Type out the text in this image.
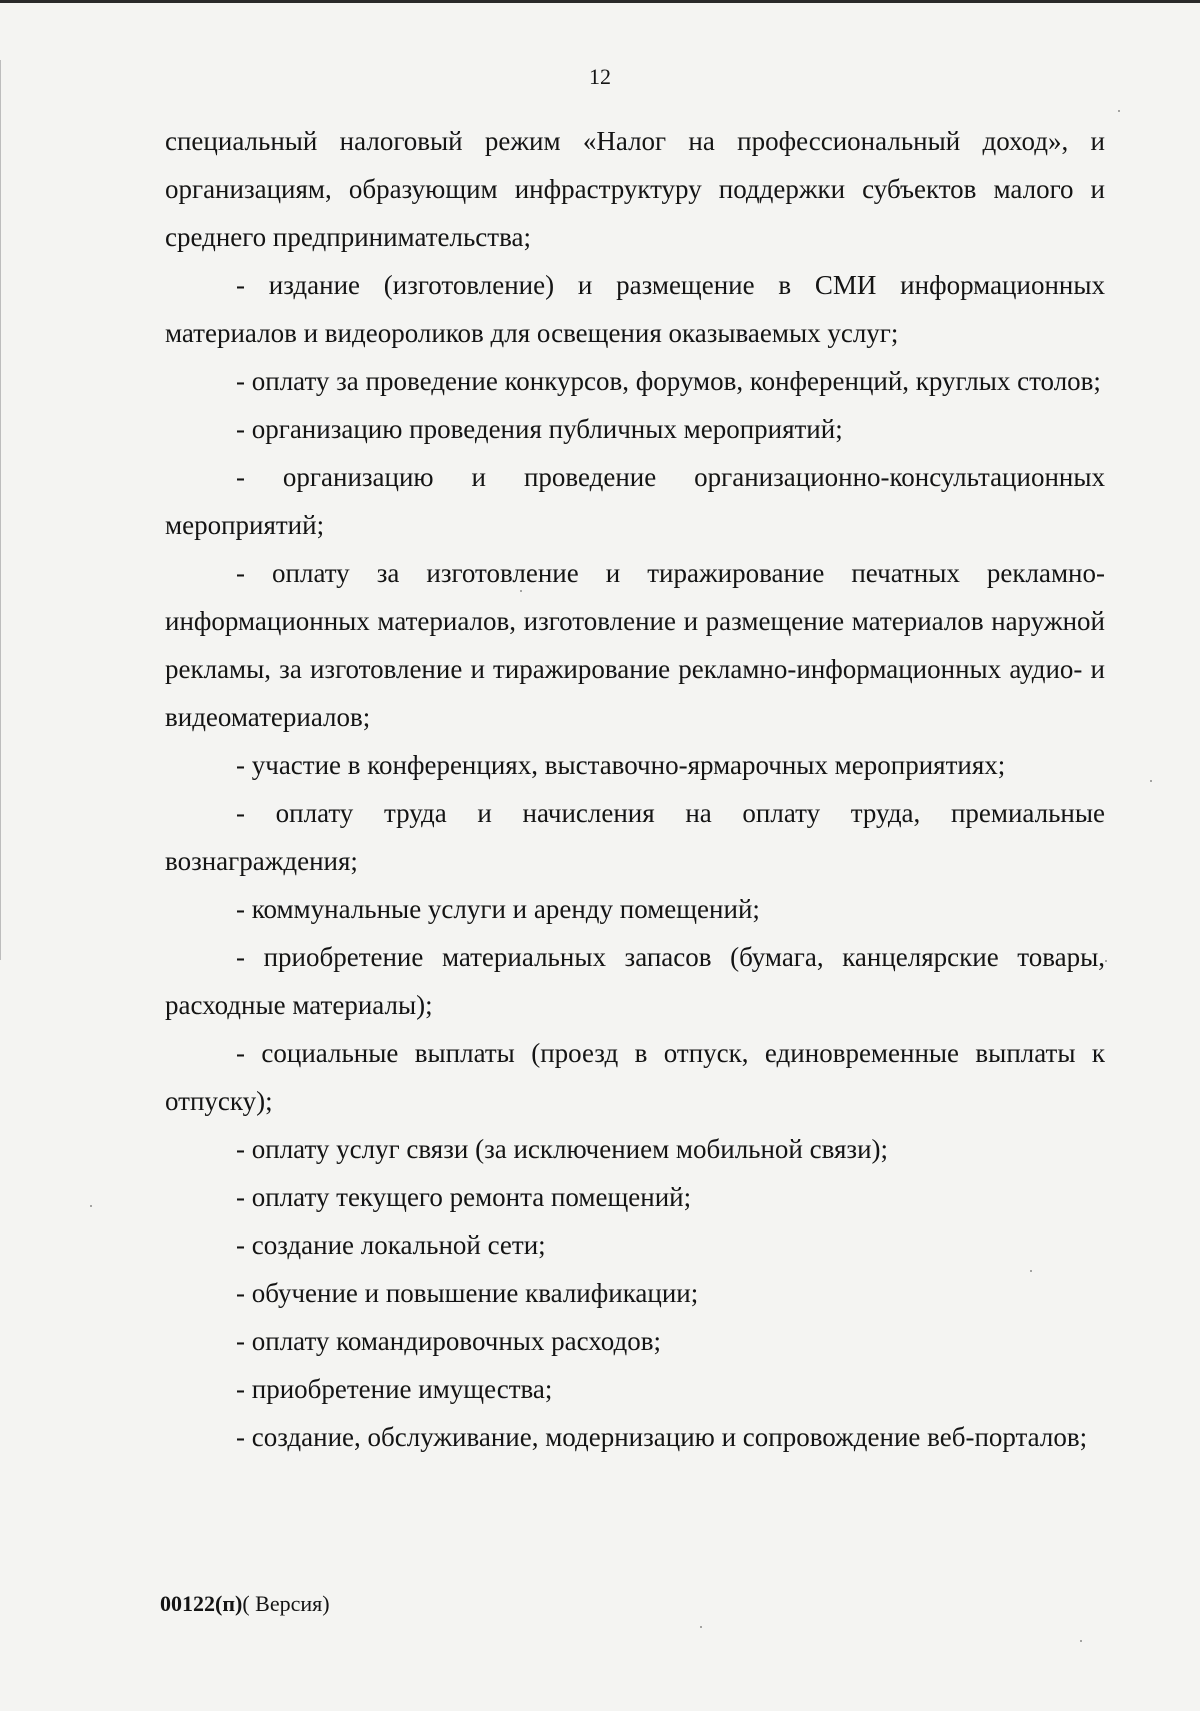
12

специальный налоговый режим «Налог на профессиональный доход», и организациям, образующим инфраструктуру поддержки субъектов малого и среднего предпринимательства;

- издание (изготовление) и размещение в СМИ информационных материалов и видеороликов для освещения оказываемых услуг;

- оплату за проведение конкурсов, форумов, конференций, круглых столов;

- организацию проведения публичных мероприятий;

- организацию и проведение организационно-консультационных мероприятий;

- оплату за изготовление и тиражирование печатных рекламно-информационных материалов, изготовление и размещение материалов наружной рекламы, за изготовление и тиражирование рекламно-информационных аудио- и видеоматериалов;

- участие в конференциях, выставочно-ярмарочных мероприятиях;

- оплату труда и начисления на оплату труда, премиальные вознаграждения;

- коммунальные услуги и аренду помещений;

- приобретение материальных запасов (бумага, канцелярские товары, расходные материалы);

- социальные выплаты (проезд в отпуск, единовременные выплаты к отпуску);

- оплату услуг связи (за исключением мобильной связи);

- оплату текущего ремонта помещений;

- создание локальной сети;

- обучение и повышение квалификации;

- оплату командировочных расходов;

- приобретение имущества;

- создание, обслуживание, модернизацию и сопровождение веб-порталов;

00122(п)( Версия)
